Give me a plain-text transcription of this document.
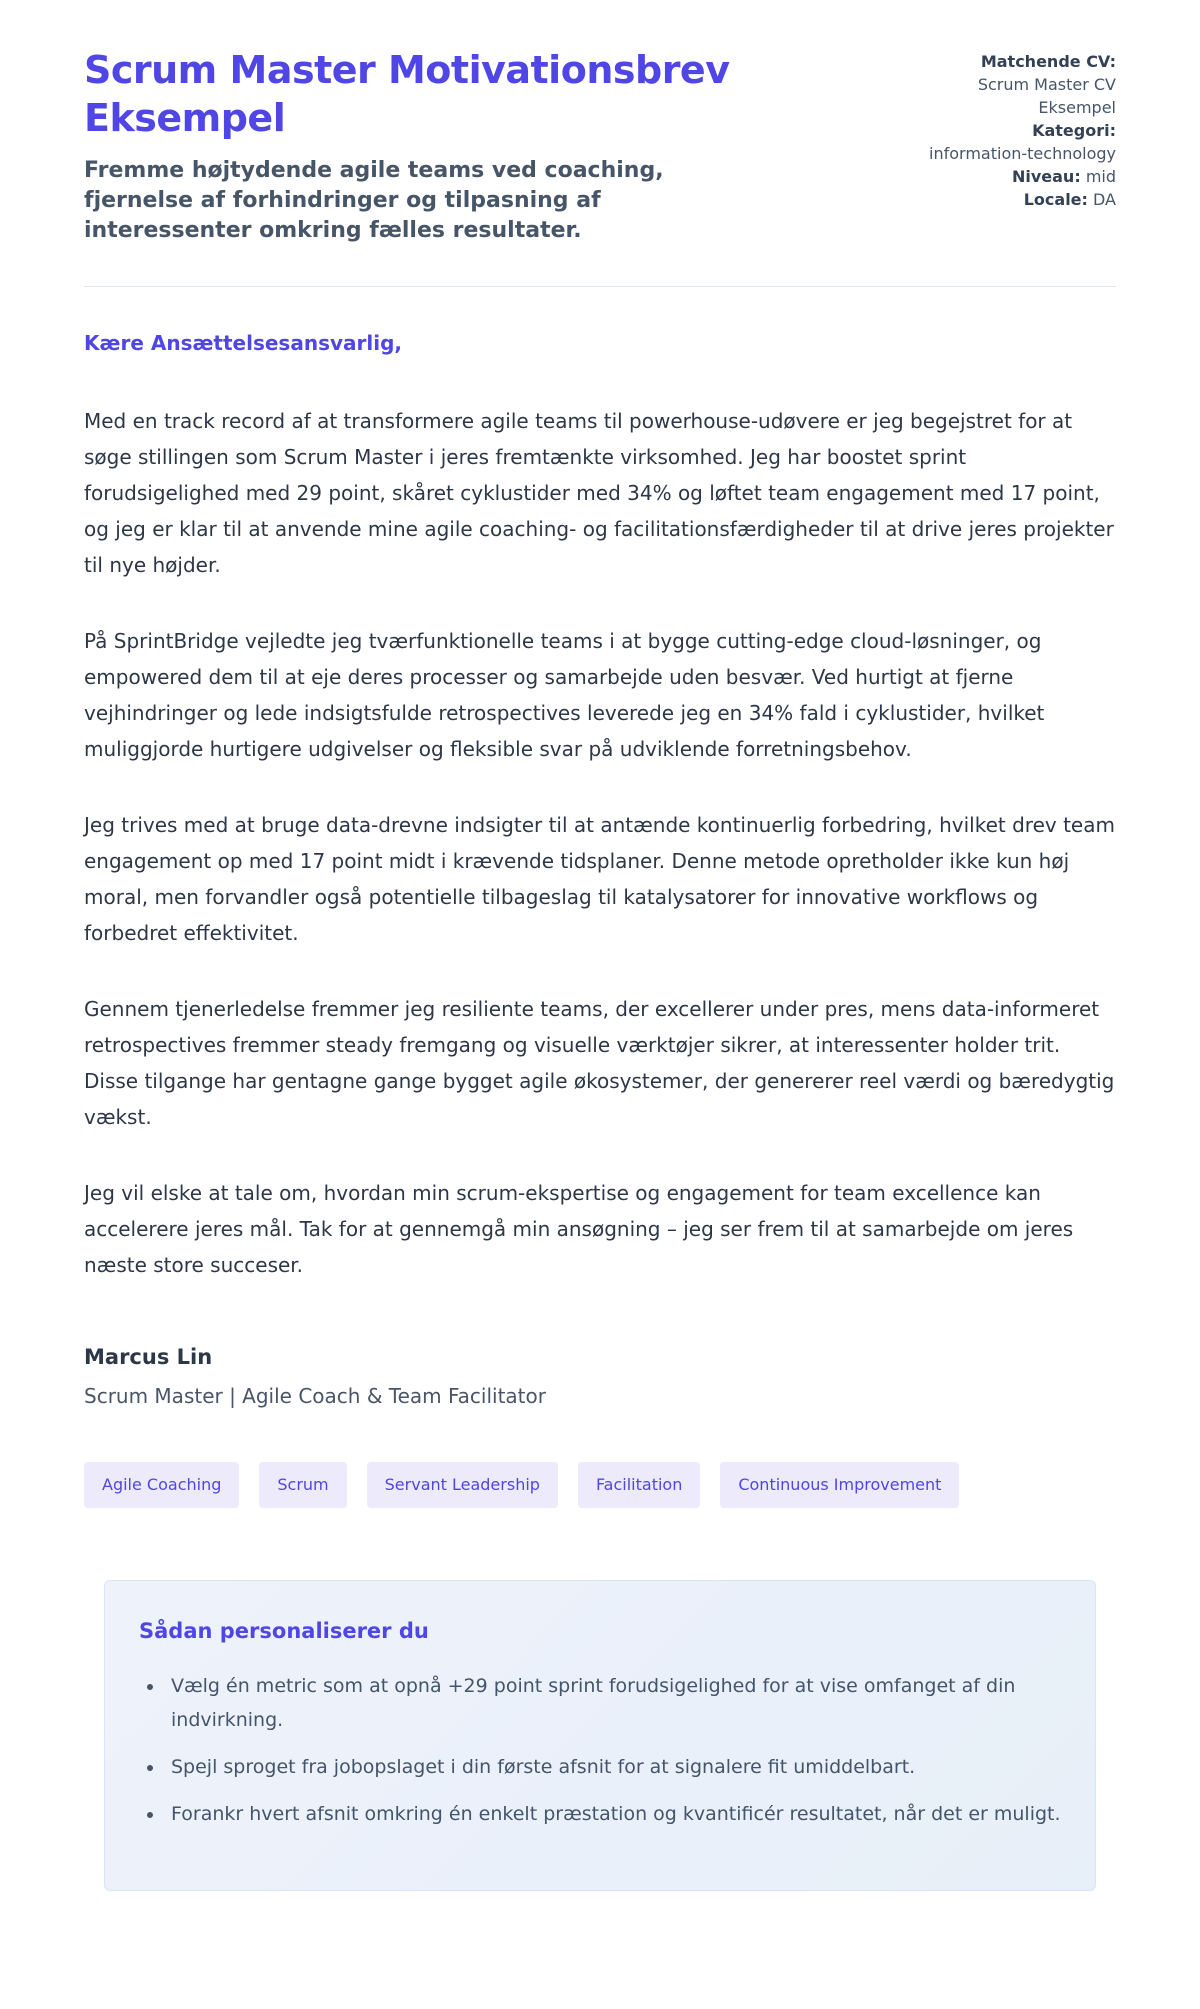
Scrum Master Motivationsbrev Eksempel
Fremme højtydende agile teams ved coaching, fjernelse af forhindringer og tilpasning af interessenter omkring fælles resultater.
Matchende CV:
Scrum Master CV Eksempel
Kategori:
information-technology
Niveau: mid
Locale: DA
Kære Ansættelsesansvarlig,

Med en track record af at transformere agile teams til powerhouse-udøvere er jeg begejstret for at søge stillingen som Scrum Master i jeres fremtænkte virksomhed. Jeg har boostet sprint forudsigelighed med 29 point, skåret cyklustider med 34% og løftet team engagement med 17 point, og jeg er klar til at anvende mine agile coaching- og facilitationsfærdigheder til at drive jeres projekter til nye højder.

På SprintBridge vejledte jeg tværfunktionelle teams i at bygge cutting-edge cloud-løsninger, og empowered dem til at eje deres processer og samarbejde uden besvær. Ved hurtigt at fjerne vejhindringer og lede indsigtsfulde retrospectives leverede jeg en 34% fald i cyklustider, hvilket muliggjorde hurtigere udgivelser og fleksible svar på udviklende forretningsbehov.

Jeg trives med at bruge data-drevne indsigter til at antænde kontinuerlig forbedring, hvilket drev team engagement op med 17 point midt i krævende tidsplaner. Denne metode opretholder ikke kun høj moral, men forvandler også potentielle tilbageslag til katalysatorer for innovative workflows og forbedret effektivitet.

Gennem tjenerledelse fremmer jeg resiliente teams, der excellerer under pres, mens data-informeret retrospectives fremmer steady fremgang og visuelle værktøjer sikrer, at interessenter holder trit. Disse tilgange har gentagne gange bygget agile økosystemer, der genererer reel værdi og bæredygtig vækst.

Jeg vil elske at tale om, hvordan min scrum-ekspertise og engagement for team excellence kan accelerere jeres mål. Tak for at gennemgå min ansøgning – jeg ser frem til at samarbejde om jeres næste store succeser.

Marcus Lin
Scrum Master | Agile Coach & Team Facilitator
Agile Coaching	Scrum	Servant Leadership	Facilitation	Continuous Improvement
Sådan personaliserer du
• Vælg én metric som at opnå +29 point sprint forudsigelighed for at vise omfanget af din indvirkning.
• Spejl sproget fra jobopslaget i din første afsnit for at signalere fit umiddelbart.
• Forankr hvert afsnit omkring én enkelt præstation og kvantificér resultatet, når det er muligt.
